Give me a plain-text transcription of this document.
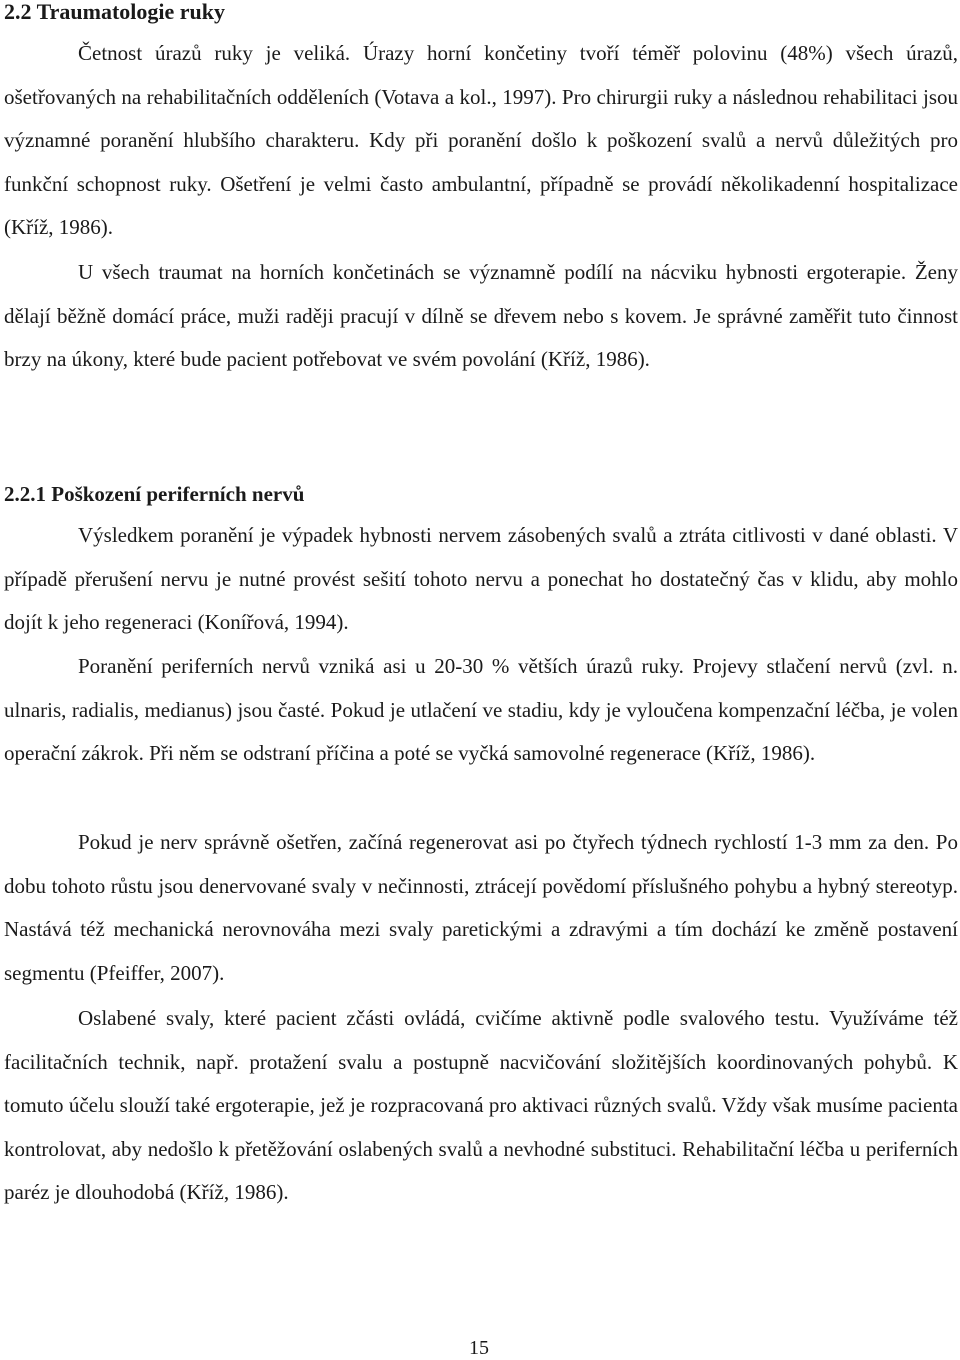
2.2 Traumatologie ruky

Četnost úrazů ruky je veliká. Úrazy horní končetiny tvoří téměř polovinu (48%) všech úrazů, ošetřovaných na rehabilitačních odděleních (Votava a kol., 1997). Pro chirurgii ruky a následnou rehabilitaci jsou významné poranění hlubšího charakteru. Kdy při poranění došlo k poškození svalů a nervů důležitých pro funkční schopnost ruky. Ošetření je velmi často ambulantní, případně se provádí několikadenní hospitalizace (Kříž, 1986).

U všech traumat na horních končetinách se významně podílí na nácviku hybnosti ergoterapie. Ženy dělají běžně domácí práce, muži raději pracují v dílně se dřevem nebo s kovem. Je správné zaměřit tuto činnost brzy na úkony, které bude pacient potřebovat ve svém povolání (Kříž, 1986).

2.2.1 Poškození periferních nervů

Výsledkem poranění je výpadek hybnosti nervem zásobených svalů a ztráta citlivosti v dané oblasti. V případě přerušení nervu je nutné provést sešití tohoto nervu a ponechat ho dostatečný čas v klidu, aby mohlo dojít k jeho regeneraci (Konířová, 1994).

Poranění periferních nervů vzniká asi u 20-30 % větších úrazů ruky. Projevy stlačení nervů (zvl. n. ulnaris, radialis, medianus) jsou časté. Pokud je utlačení ve stadiu, kdy je vyloučena kompenzační léčba, je volen operační zákrok. Při něm se odstraní příčina a poté se vyčká samovolné regenerace (Kříž, 1986).

Pokud je nerv správně ošetřen, začíná regenerovat asi po čtyřech týdnech rychlostí 1-3 mm za den. Po dobu tohoto růstu jsou denervované svaly v nečinnosti, ztrácejí povědomí příslušného pohybu a hybný stereotyp. Nastává též mechanická nerovnováha mezi svaly paretickými a zdravými a tím dochází ke změně postavení segmentu (Pfeiffer, 2007).

Oslabené svaly, které pacient zčásti ovládá, cvičíme aktivně podle svalového testu. Využíváme též facilitačních technik, např. protažení svalu a postupně nacvičování složitějších koordinovaných pohybů. K tomuto účelu slouží také ergoterapie, jež je rozpracovaná pro aktivaci různých svalů. Vždy však musíme pacienta kontrolovat, aby nedošlo k přetěžování oslabených svalů a nevhodné substituci. Rehabilitační léčba u periferních paréz je dlouhodobá (Kříž, 1986).

15
